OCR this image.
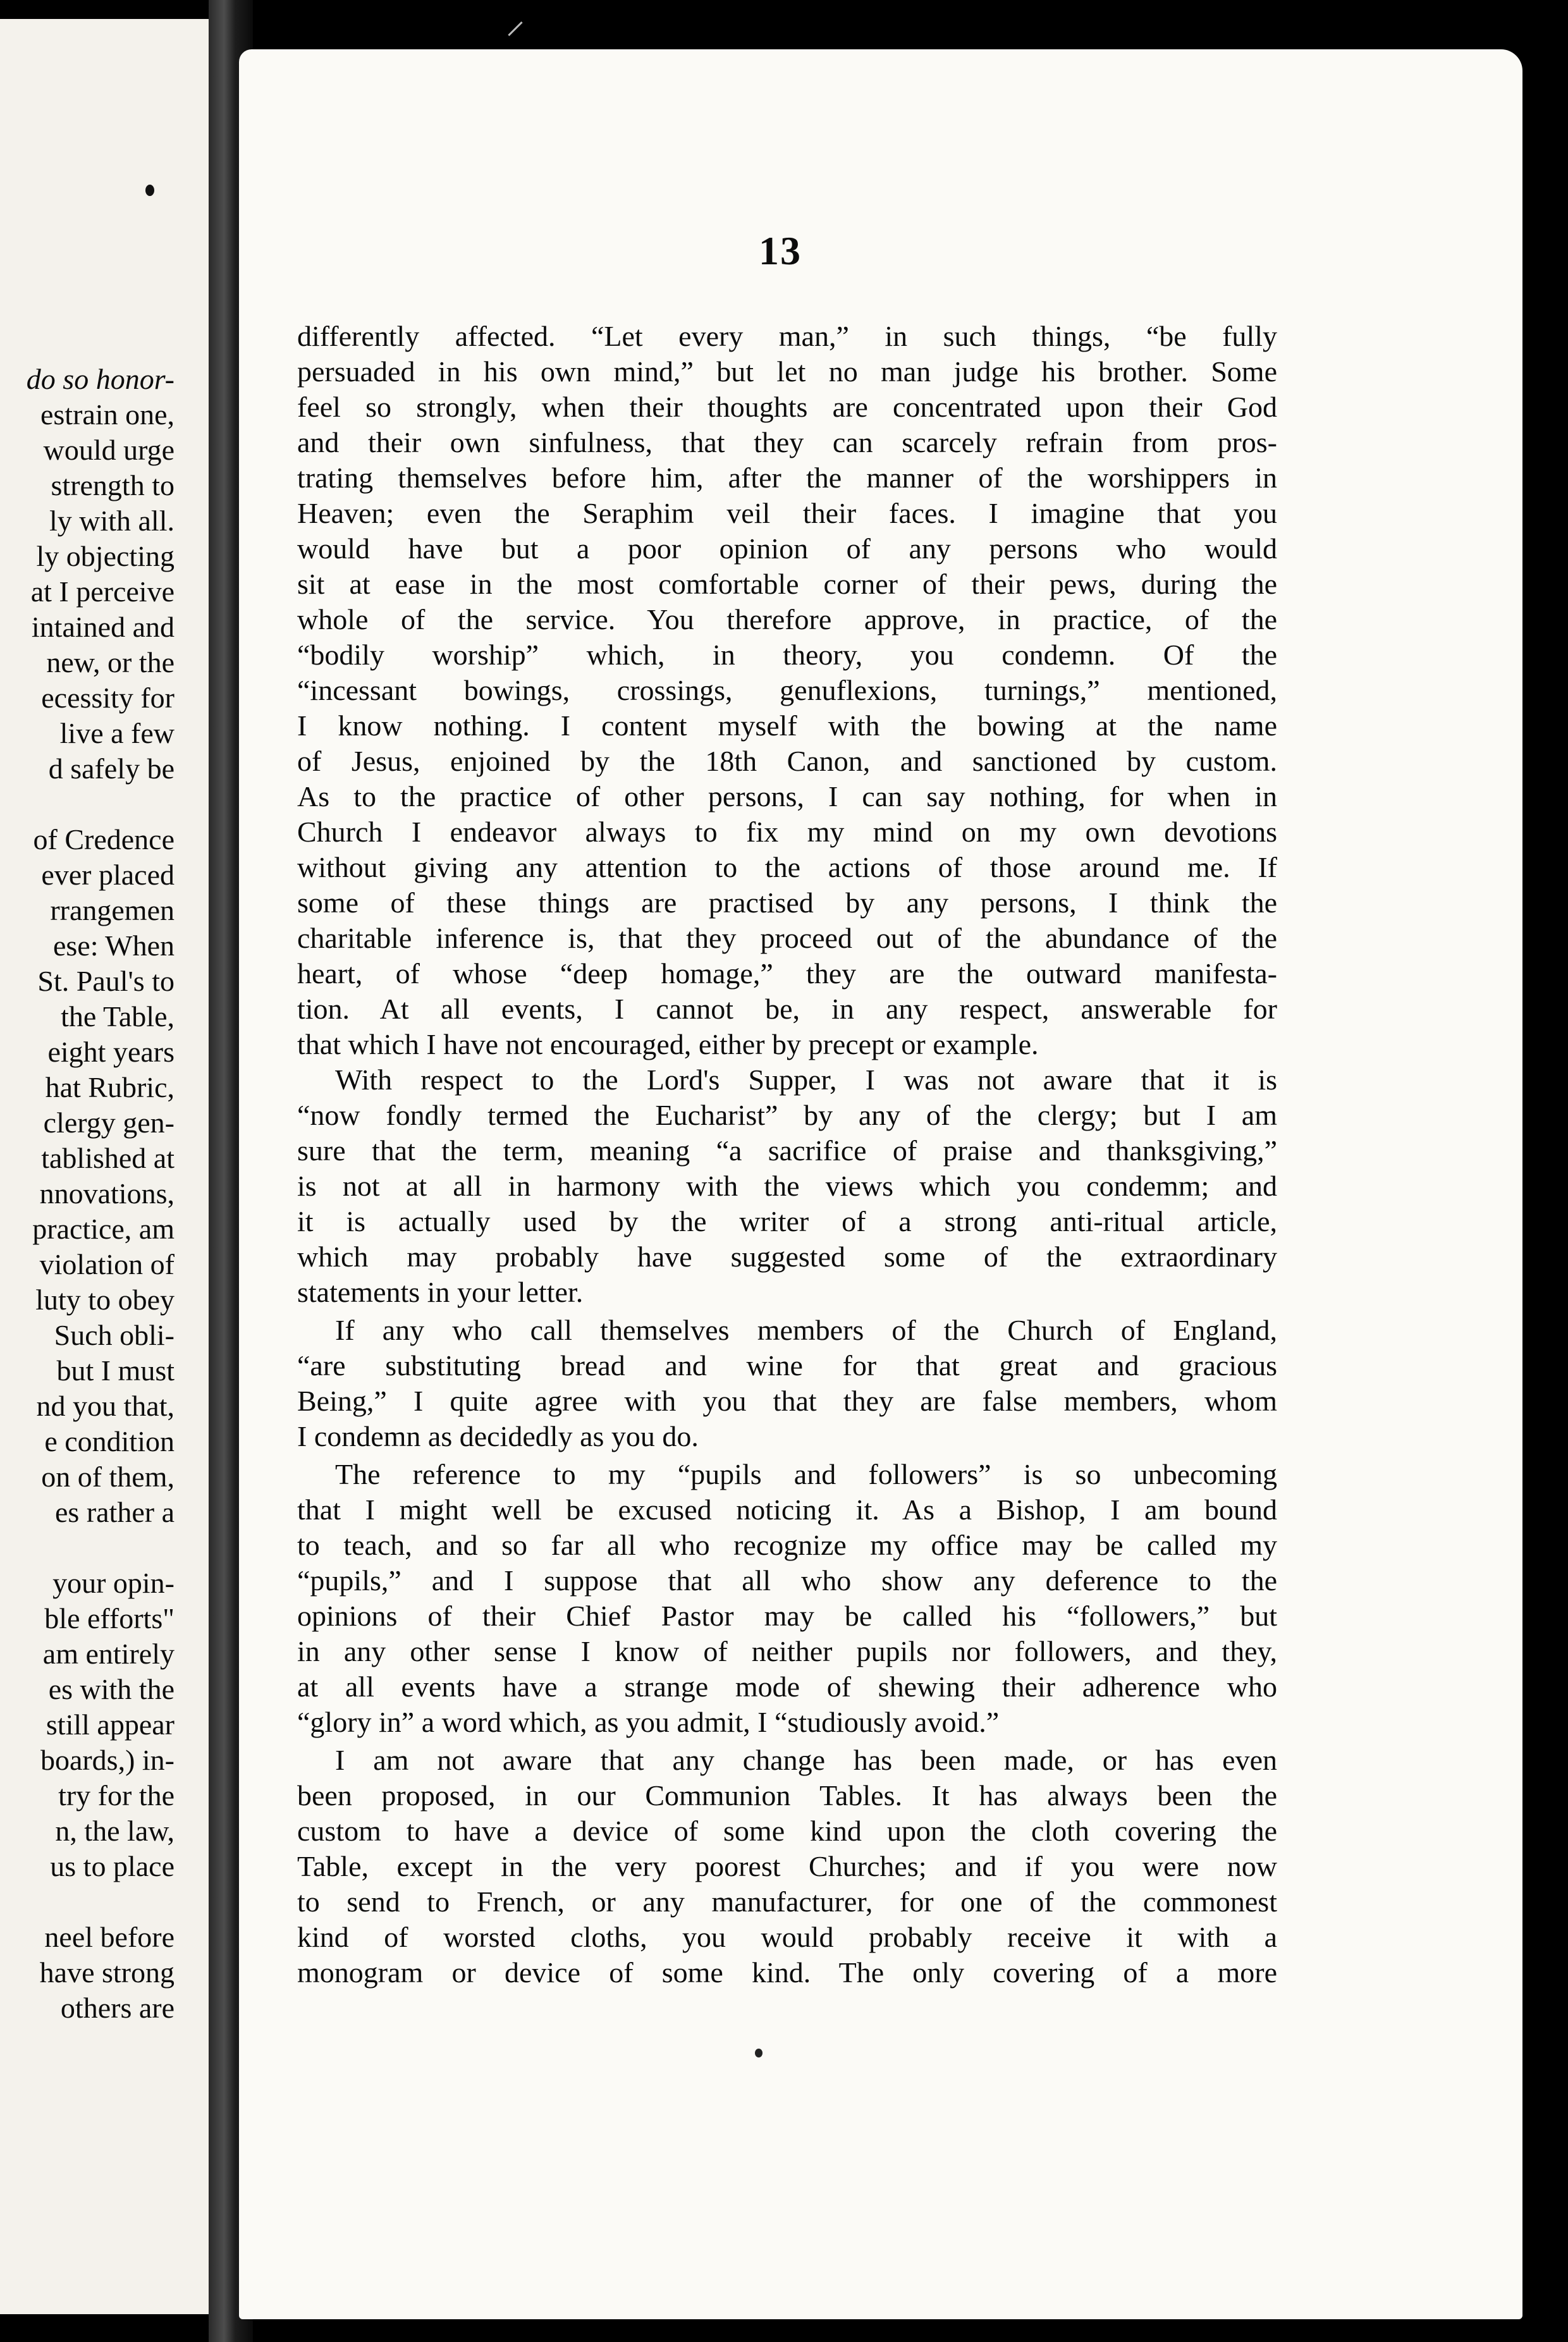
do so honor-
estrain one,
would urge
strength to
ly with all.
ly objecting
at I perceive
intained and
new, or the
ecessity for
live a few
d safely be
of Credence
ever placed
rrangemen
ese: When
St. Paul's to
the Table,
eight years
hat Rubric,
clergy gen-
tablished at
nnovations,
practice, am
violation of
luty to obey
Such obli-
but I must
nd you that,
e condition
on of them,
es rather a
your opin-
ble efforts"
am entirely
es with the
still appear
boards,) in-
try for the
n, the law,
us to place
neel before
have strong
others are
13
differently affected. “Let every man,” in such things, “be fully
persuaded in his own mind,” but let no man judge his brother. Some
feel so strongly, when their thoughts are concentrated upon their God
and their own sinfulness, that they can scarcely refrain from pros-
trating themselves before him, after the manner of the worshippers in
Heaven; even the Seraphim veil their faces. I imagine that you
would have but a poor opinion of any persons who would
sit at ease in the most comfortable corner of their pews, during the
whole of the service. You therefore approve, in practice, of the
“bodily worship” which, in theory, you condemn. Of the
“incessant bowings, crossings, genuflexions, turnings,” mentioned,
I know nothing. I content myself with the bowing at the name
of Jesus, enjoined by the 18th Canon, and sanctioned by custom.
As to the practice of other persons, I can say nothing, for when in
Church I endeavor always to fix my mind on my own devotions
without giving any attention to the actions of those around me. If
some of these things are practised by any persons, I think the
charitable inference is, that they proceed out of the abundance of the
heart, of whose “deep homage,” they are the outward manifesta-
tion. At all events, I cannot be, in any respect, answerable for
that which I have not encouraged, either by precept or example.
With respect to the Lord's Supper, I was not aware that it is
“now fondly termed the Eucharist” by any of the clergy; but I am
sure that the term, meaning “a sacrifice of praise and thanksgiving,”
is not at all in harmony with the views which you condemm; and
it is actually used by the writer of a strong anti-ritual article,
which may probably have suggested some of the extraordinary
statements in your letter.
If any who call themselves members of the Church of England,
“are substituting bread and wine for that great and gracious
Being,” I quite agree with you that they are false members, whom
I condemn as decidedly as you do.
The reference to my “pupils and followers” is so unbecoming
that I might well be excused noticing it. As a Bishop, I am bound
to teach, and so far all who recognize my office may be called my
“pupils,” and I suppose that all who show any deference to the
opinions of their Chief Pastor may be called his “followers,” but
in any other sense I know of neither pupils nor followers, and they,
at all events have a strange mode of shewing their adherence who
“glory in” a word which, as you admit, I “studiously avoid.”
I am not aware that any change has been made, or has even
been proposed, in our Communion Tables. It has always been the
custom to have a device of some kind upon the cloth covering the
Table, except in the very poorest Churches; and if you were now
to send to French, or any manufacturer, for one of the commonest
kind of worsted cloths, you would probably receive it with a
monogram or device of some kind. The only covering of a more
